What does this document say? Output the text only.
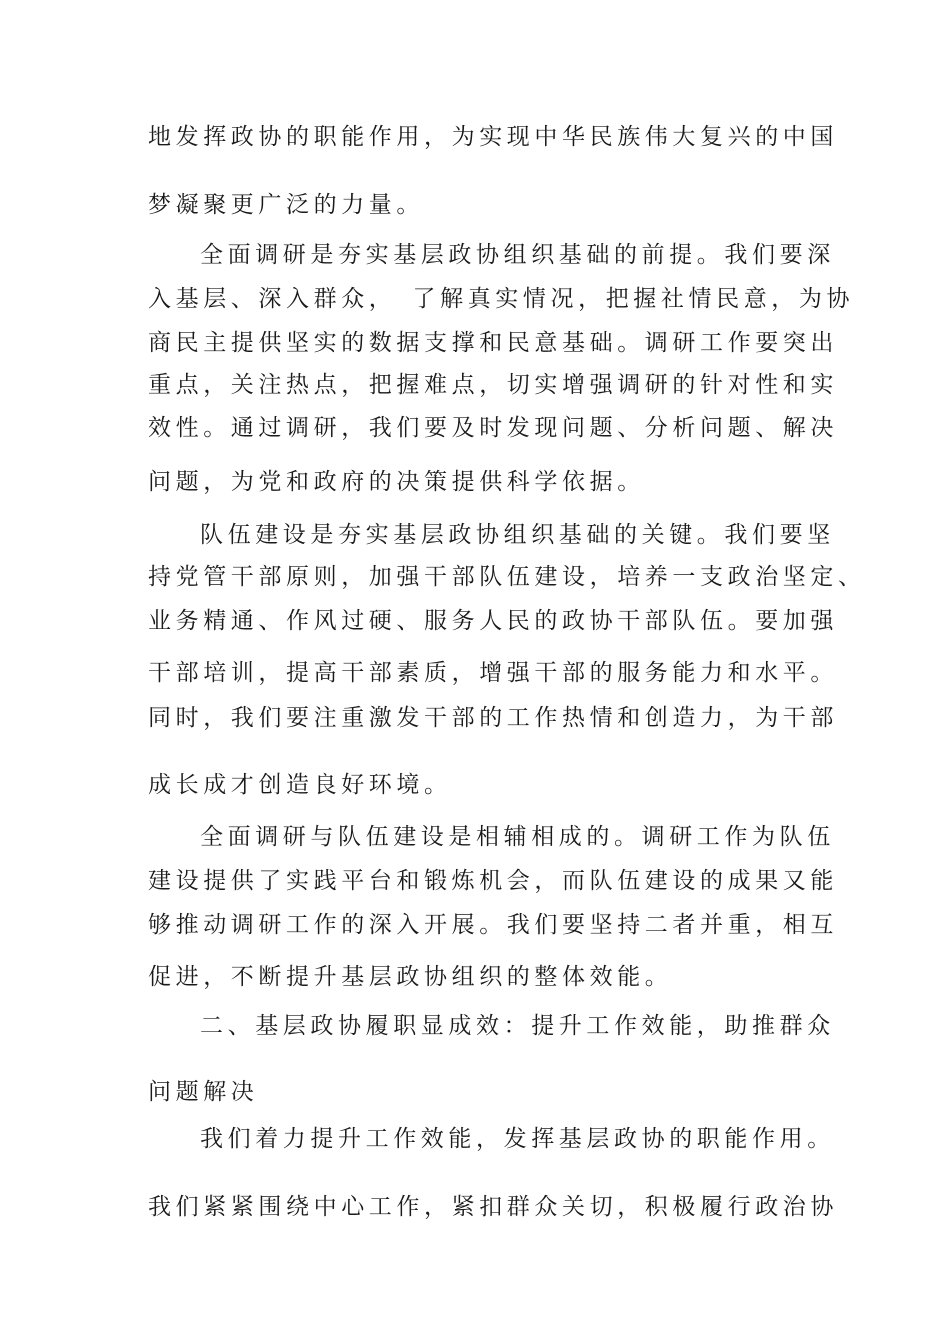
地发挥政协的职能作用，为实现中华民族伟大复兴的中国
梦凝聚更广泛的力量。
全面调研是夯实基层政协组织基础的前提。我们要深
入基层、深入群众，　了解真实情况，把握社情民意，为协
商民主提供坚实的数据支撑和民意基础。调研工作要突出
重点，关注热点，把握难点，切实增强调研的针对性和实
效性。通过调研，我们要及时发现问题、分析问题、解决
问题，为党和政府的决策提供科学依据。
队伍建设是夯实基层政协组织基础的关键。我们要坚
持党管干部原则，加强干部队伍建设，培养一支政治坚定、
业务精通、作风过硬、服务人民的政协干部队伍。要加强
干部培训，提高干部素质，增强干部的服务能力和水平。
同时，我们要注重激发干部的工作热情和创造力，为干部
成长成才创造良好环境。
全面调研与队伍建设是相辅相成的。调研工作为队伍
建设提供了实践平台和锻炼机会，而队伍建设的成果又能
够推动调研工作的深入开展。我们要坚持二者并重，相互
促进，不断提升基层政协组织的整体效能。
二、基层政协履职显成效：提升工作效能，助推群众
问题解决
我们着力提升工作效能，发挥基层政协的职能作用。
我们紧紧围绕中心工作，紧扣群众关切，积极履行政治协
